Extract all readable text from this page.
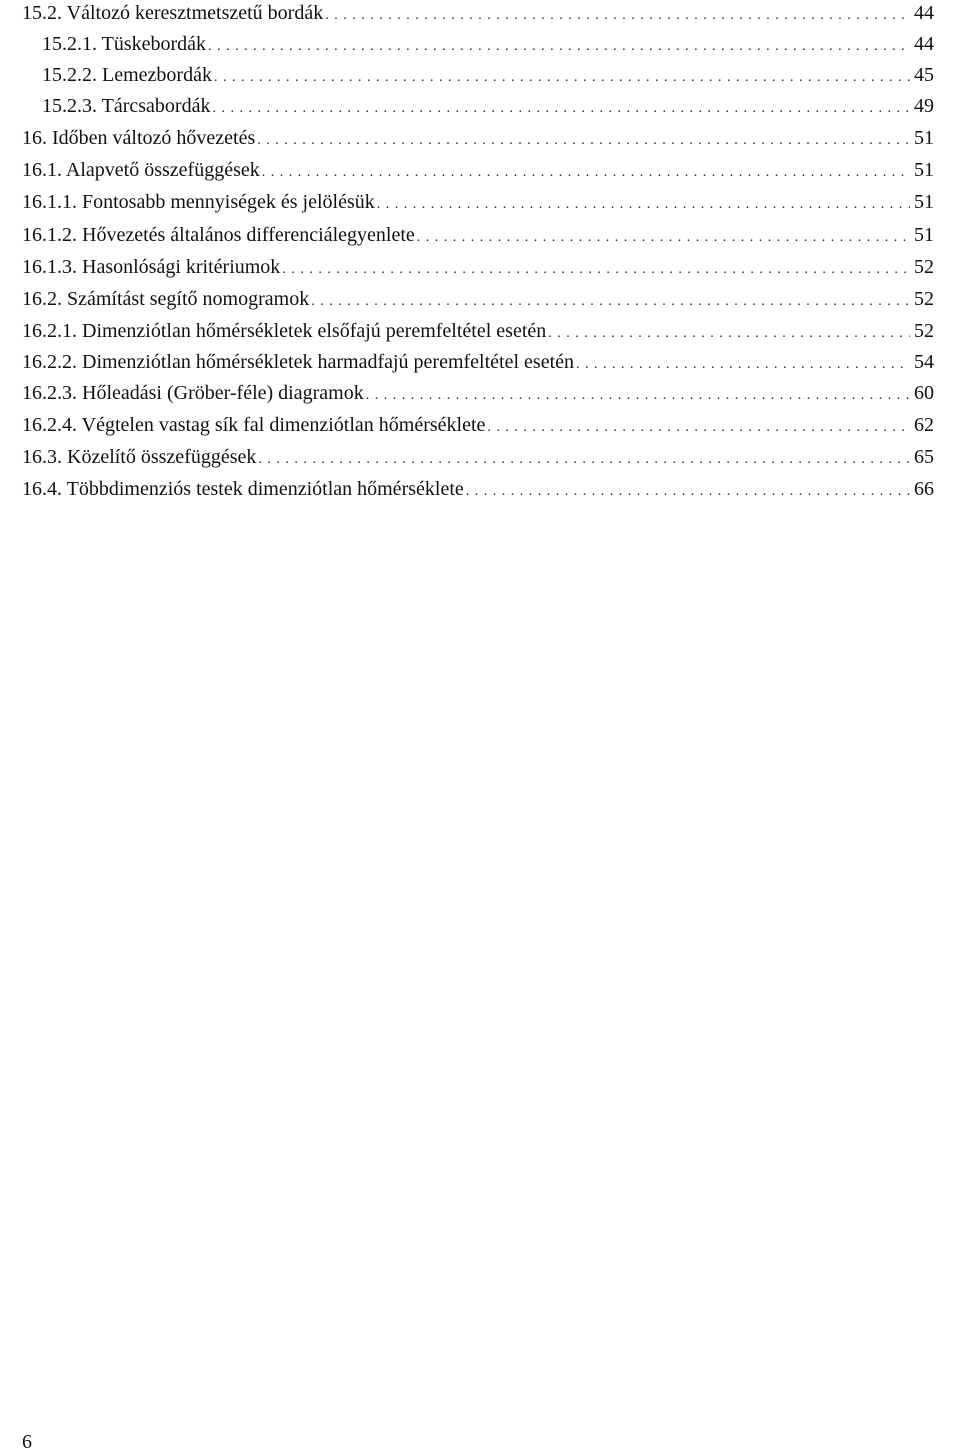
15.2. Változó keresztmetszetű bordák . . .	44
15.2.1. Tüskebordák . . .	44
15.2.2. Lemezbordák . . .	45
15.2.3. Tárcsabordák . . .	49
16. Időben változó hővezetés . . .	51
16.1. Alapvető összefüggések . . .	51
16.1.1. Fontosabb mennyiségek és jelölésük . . .	51
16.1.2. Hővezetés általános differenciálegyenlete . . .	51
16.1.3. Hasonlósági kritériumok . . .	52
16.2. Számítást segítő nomogramok . . .	52
16.2.1. Dimenziótlan hőmérsékletek elsőfajú peremfeltétel esetén . . .	52
16.2.2. Dimenziótlan hőmérsékletek harmadfajú peremfeltétel esetén . . .	54
16.2.3. Hőleadási (Gröber-féle) diagramok . . .	60
16.2.4. Végtelen vastag sík fal dimenziótlan hőmérséklete . . .	62
16.3. Közelítő összefüggések . . .	65
16.4. Többdimenziós testek dimenziótlan hőmérséklete . . .	66
6
